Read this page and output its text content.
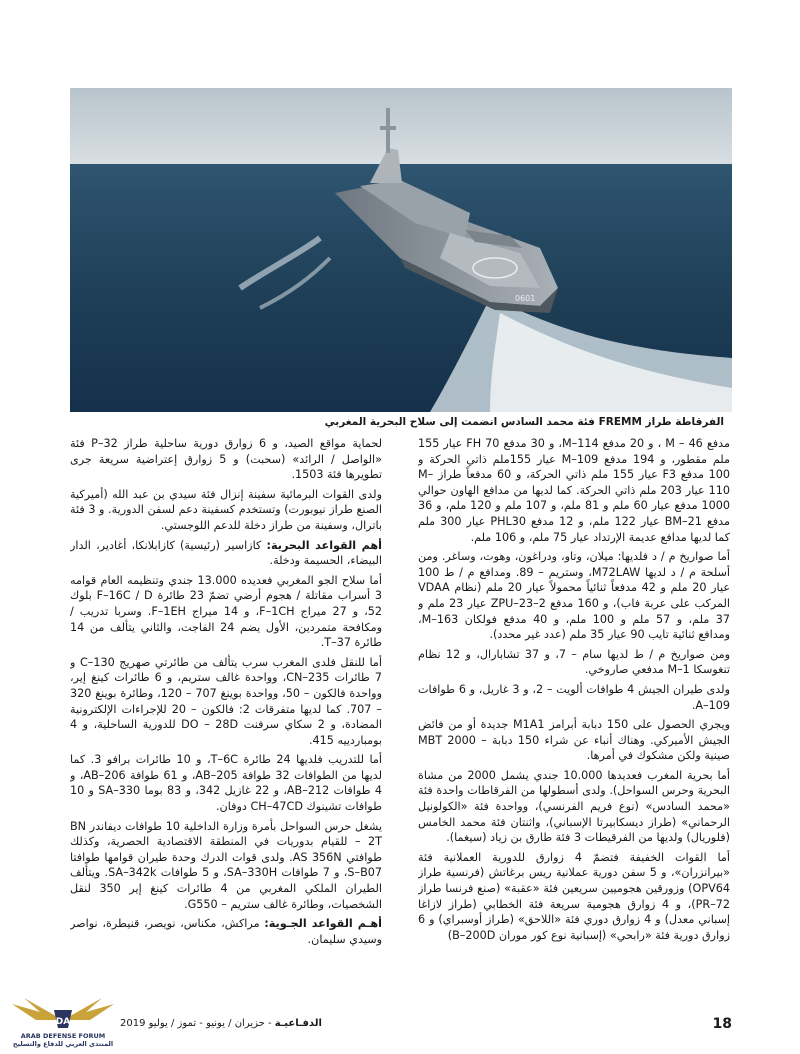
0601
الفرقاطة طراز FREMM فئة محمد السادس انضمت إلى سلاح البحرية المغربي

مدفع M – 46 ، و 20 مدفع M–114، و 30 مدفع FH 70 عيار 155 ملم مقطور، و 194 مدفع M–109 عيار 155ملم ذاتي الحركة و 100 مدفع F3 عيار 155 ملم ذاتي الحركة، و 60 مدفعاً طراز M–110 عيار 203 ملم ذاتي الحركة. كما لديها من مدافع الهاون حوالي 1000 مدفع عيار 60 ملم و 81 ملم، و 107 ملم و 120 ملم، و 36 مدفع BM–21 عيار 122 ملم، و 12 مدفع PHL30 عيار 300 ملم كما لديها مدافع عديمة الإرتداد عيار 75 ملم، و 106 ملم.

أما صواريخ م / د فلديها: ميلان، وتاو، ودراغون، وهوت، وساغر. ومن أسلحة م / د لديها M72LAW، وستريم – 89. ومدافع م / ط 100 عيار 20 ملم و 42 مدفعاً ثنائياً محمولاً عيار 20 ملم (نظام VDAA المركب على عربة فاب)، و 160 مدفع ZPU–23–2 عيار 23 ملم و 37 ملم، و 57 ملم و 100 ملم، و 40 مدفع فولكان M–163، ومدافع ثنائية تايب 90 عيار 35 ملم (عدد غير محدد).

ومن صواريخ م / ط لديها سام – 7، و 37 تشابارال، و 12 نظام تنغوسكا M–1 مدفعي صاروخي.

ولدى طيران الجيش 4 طوافات ألويت – 2، و 3 غاريل، و 6 طوافات A–109.

ويجري الحصول على 150 دبابة أبرامز M1A1 جديدة أو من فائض الجيش الأميركي. وهناك أنباء عن شراء 150 دبابة – MBT 2000 صينية ولكن مشكوك في أمرها.

أما بحرية المغرب فعديدها 10.000 جندي يشمل 2000 من مشاة البحرية وحرس السواحل). ولدى أسطولها من الفرقاطات واحدة فئة «محمد السادس» (نوع فريم الفرنسي)، وواحدة فئة «الكولونيل الرحماني» (طراز ديسكابيرتا الإسباني)، واثنتان فئة محمد الخامس (فلوريال) ولديها من الفرقيطات 3 فئة طارق بن زياد (سيغما).

أما القوات الخفيفة فتضمّ 4 زوارق للدورية العملانية فئة «بيرانزران»، و 5 سفن دورية عملانية ريس برغاتش (فرنسية طراز OPV64) وزورقين هجوميين سريعين فئة «عقبة» (صنع فرنسا طراز PR–72)، و 4 زوارق هجومية سريعة فئة الخطابي (طراز لازاغا إسباني معدل) و 4 زوارق دوري فئة «اللاحق» (طراز أوسبراي) و 6 زوارق دورية فئة «رابحي» (إسبانية نوع كور موران B–200D)

لحماية مواقع الصيد، و 6 زوارق دورية ساحلية طراز P–32 فئة «الواصل / الرائد» (سحبت) و 5 زوارق إعتراضية سريعة جرى تطويرها فئة 1503.

ولدى القوات البرمائية سفينة إنزال فئة سيدي بن عبد الله (أميركية الصنع طراز نيوبورت) وتستخدم كسفينة دعم لسفن الدورية. و 3 فئة باترال، وسفينة من طراز دخلة للدعم اللوجستي.

أهم القواعد البحرية: كازاسير (رئيسية) كازابلانكا، أغادير، الدار البيضاء، الحسيمة ودخلة.

أما سلاح الجو المغربي فعديده 13.000 جندي وتنظيمه العام قوامه 3 أسراب مقاتلة / هجوم أرضي تضمّ 23 طائرة F–16C / D بلوك 52، و 27 ميراج F–1CH، و 14 ميراج F–1EH. وسربا تدريب / ومكافحة متمردين، الأول يضم 24 الفاجت، والثاني يتألف من 14 طائرة T–37.

أما للنقل فلدى المغرب سرب يتألف من طائرتي صهريج C–130 و 7 طائرات CN–235، وواحدة غالف ستريم، و 6 طائرات كينغ إير، وواحدة فالكون – 50، وواحدة بوينغ 707 – 120، وطائرة بوينغ 320 – 707. كما لديها متفرقات 2: فالكون – 20 للإجراءات الإلكترونية المضادة، و 2 سكاي سرفنت DO – 28D للدورية الساحلية، و 4 بومباردييه 415.

أما للتدريب فلديها 24 طائرة T–6C، و 10 طائرات برافو 3. كما لديها من الطوافات 32 طوافة AB–205، و 61 طوافة AB–206، و 4 طوافات AB–212، و 22 غازيل 342، و 83 بوما SA–330 و 10 طوافات تشينوك CH–47CD دوفان.

يشغل حرس السواحل بأمرة وزارة الداخلية 10 طوافات ديفاندر BN – 2T للقيام بدوريات في المنطقة الاقتصادية الحصرية، وكذلك طوافتي AS 356N. ولدى قوات الدرك وحدة طيران قوامها طوافتا S–B07، و 7 طوافات SA–330H، و 5 طوافات SA–342k. ويتألف الطيران الملكي المغربي من 4 طائرات كينغ إير 350 لنقل الشخصيات، وطائرة غالف ستريم – G550.

أهـم القواعد الجـوية: مراكش، مكناس، نويصر، قنيطرة، نواصر وسيدي سليمان.

18
الدفـاعيـة - حزيران / يونيو - تموز / يوليو 2019
DA
ARAB DEFENSE FORUM
المنتدى العربي للدفاع والتسليح
